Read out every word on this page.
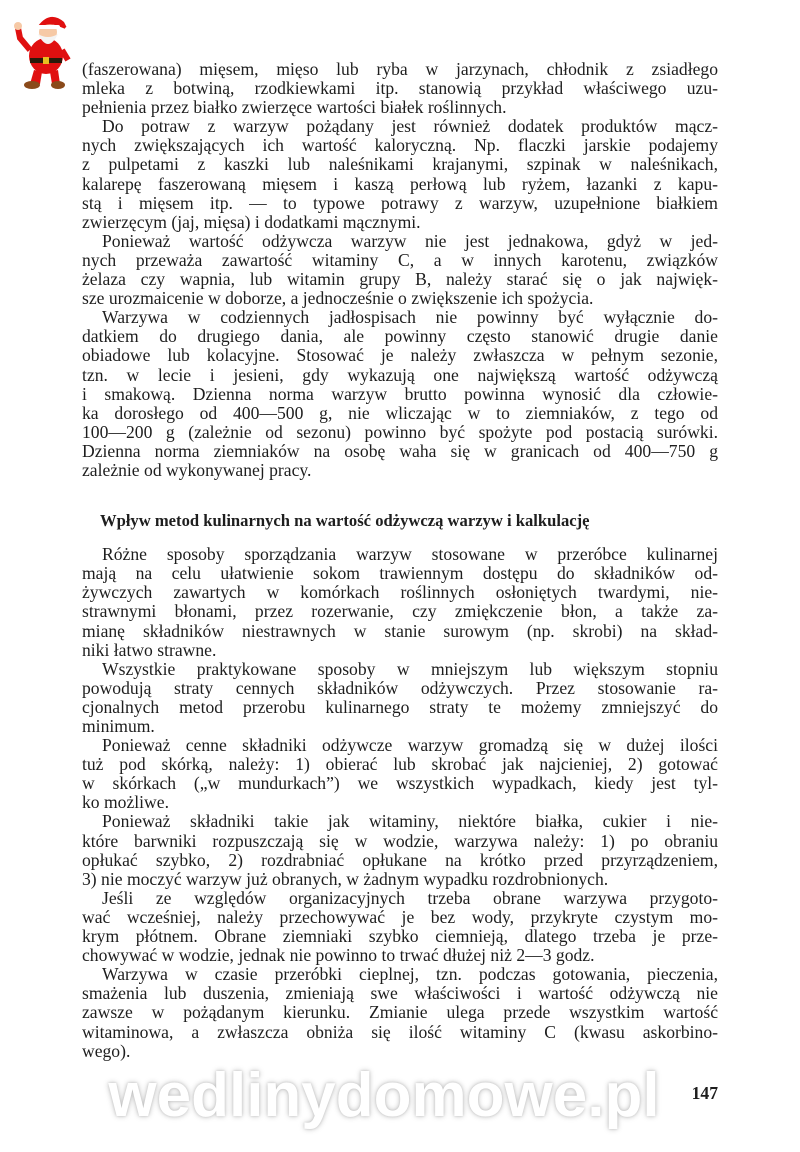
(faszerowana) mięsem, mięso lub ryba w jarzynach, chłodnik z zsiadłego
mleka z botwiną, rzodkiewkami itp. stanowią przykład właściwego uzu-
pełnienia przez białko zwierzęce wartości białek roślinnych.
Do potraw z warzyw pożądany jest również dodatek produktów mącz-
nych zwiększających ich wartość kaloryczną. Np. flaczki jarskie podajemy
z pulpetami z kaszki lub naleśnikami krajanymi, szpinak w naleśnikach,
kalarepę faszerowaną mięsem i kaszą perłową lub ryżem, łazanki z kapu-
stą i mięsem itp. — to typowe potrawy z warzyw, uzupełnione białkiem
zwierzęcym (jaj, mięsa) i dodatkami mącznymi.
Ponieważ wartość odżywcza warzyw nie jest jednakowa, gdyż w jed-
nych przeważa zawartość witaminy C, a w innych karotenu, związków
żelaza czy wapnia, lub witamin grupy B, należy starać się o jak najwięk-
sze urozmaicenie w doborze, a jednocześnie o zwiększenie ich spożycia.
Warzywa w codziennych jadłospisach nie powinny być wyłącznie do-
datkiem do drugiego dania, ale powinny często stanowić drugie danie
obiadowe lub kolacyjne. Stosować je należy zwłaszcza w pełnym sezonie,
tzn. w lecie i jesieni, gdy wykazują one największą wartość odżywczą
i smakową. Dzienna norma warzyw brutto powinna wynosić dla człowie-
ka dorosłego od 400—500 g, nie wliczając w to ziemniaków, z tego od
100—200 g (zależnie od sezonu) powinno być spożyte pod postacią surówki.
Dzienna norma ziemniaków na osobę waha się w granicach od 400—750 g
zależnie od wykonywanej pracy.
Wpływ metod kulinarnych na wartość odżywczą warzyw i kalkulację
Różne sposoby sporządzania warzyw stosowane w przeróbce kulinarnej
mają na celu ułatwienie sokom trawiennym dostępu do składników od-
żywczych zawartych w komórkach roślinnych osłoniętych twardymi, nie-
strawnymi błonami, przez rozerwanie, czy zmiękczenie błon, a także za-
mianę składników niestrawnych w stanie surowym (np. skrobi) na skład-
niki łatwo strawne.
Wszystkie praktykowane sposoby w mniejszym lub większym stopniu
powodują straty cennych składników odżywczych. Przez stosowanie ra-
cjonalnych metod przerobu kulinarnego straty te możemy zmniejszyć do
minimum.
Ponieważ cenne składniki odżywcze warzyw gromadzą się w dużej ilości
tuż pod skórką, należy: 1) obierać lub skrobać jak najcieniej, 2) gotować
w skórkach („w mundurkach”) we wszystkich wypadkach, kiedy jest tyl-
ko możliwe.
Ponieważ składniki takie jak witaminy, niektóre białka, cukier i nie-
które barwniki rozpuszczają się w wodzie, warzywa należy: 1) po obraniu
opłukać szybko, 2) rozdrabniać opłukane na krótko przed przyrządzeniem,
3) nie moczyć warzyw już obranych, w żadnym wypadku rozdrobnionych.
Jeśli ze względów organizacyjnych trzeba obrane warzywa przygoto-
wać wcześniej, należy przechowywać je bez wody, przykryte czystym mo-
krym płótnem. Obrane ziemniaki szybko ciemnieją, dlatego trzeba je prze-
chowywać w wodzie, jednak nie powinno to trwać dłużej niż 2—3 godz.
Warzywa w czasie przeróbki cieplnej, tzn. podczas gotowania, pieczenia,
smażenia lub duszenia, zmieniają swe właściwości i wartość odżywczą nie
zawsze w pożądanym kierunku. Zmianie ulega przede wszystkim wartość
witaminowa, a zwłaszcza obniża się ilość witaminy C (kwasu askorbino-
wego).
wedlinydomowe.pl	147
